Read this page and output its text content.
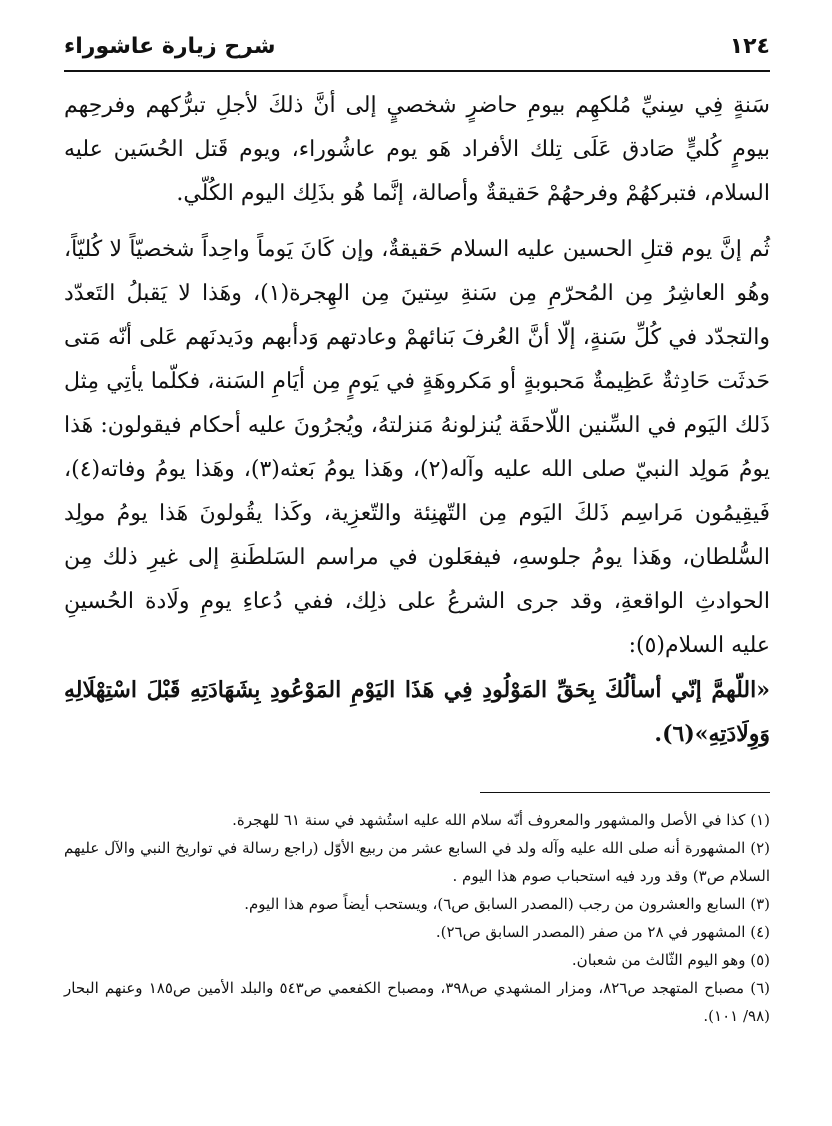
١٢٤
شرح زيارة عاشوراء

سَنةٍ فِي سِنيِّ مُلكهِم بيومِ حاضرٍ شخصيٍ إلى أنَّ ذلكَ لأجلِ تبرُّكهم وفرحِهم بيومٍ كُليٍّ صَادق عَلَى تِلك الأفراد هَو يوم عاشُوراء، ويوم قَتل الحُسَين عليه السلام، فتبركهُمْ وفرحهُمْ حَقيقةٌ وأصالة، إنَّما هُو بذَلِك اليوم الكُلّي.

ثُم إنَّ يوم قتلِ الحسين عليه السلام حَقيقةٌ، وإن كَانَ يَوماً واحِداً شخصيّاً لا كُليّاً، وهُو العاشِرُ مِن المُحرّمِ مِن سَنةِ سِتينَ مِن الهِجرة(١)، وهَذا لا يَقبلُ التَعدّد والتجدّد في كُلِّ سَنةٍ، إلّا أنَّ العُرفَ بَنائهمْ وعادتهم وَدأبهم ودَيدنَهم عَلى أنّه مَتى حَدثَت حَادِثةٌ عَظِيمةٌ مَحبوبةٍ أو مَكروهَةٍ في يَومٍ مِن أيَامِ السَنة، فكلّما يأتِي مِثل ذَلك اليَوم في السِّنين اللّاحقَة يُنزلونهُ مَنزلتهُ، ويُجرُونَ عليه أحكام فيقولون: هَذا يومُ مَولِد النبيّ صلى الله عليه وآله(٢)، وهَذا يومُ بَعثه(٣)، وهَذا يومُ وفاته(٤)، فَيقِيمُون مَراسِم ذَلكَ اليَوم مِن التّهنِئة والتّعزِية، وكَذا يقُولونَ هَذا يومُ مولِد السُّلطان، وهَذا يومُ جلوسهِ، فيفعَلون في مراسم السَلطَنةِ إلى غيرِ ذلك مِن الحوادثِ الواقعةِ، وقد جرى الشرعُ على ذلِك، ففي دُعاءِ يومِ ولَادة الحُسينِ عليه السلام(٥):

«اللّهمَّ إنّي أسألُكَ بِحَقِّ المَوْلُودِ فِي هَذَا اليَوْمِ المَوْعُودِ بِشَهَادَتِهِ قَبْلَ اسْتِهْلَالِهِ وَوِلَادَتِهِ»(٦).

(١) كذا في الأصل والمشهور والمعروف أنّه سلام الله عليه استُشهد في سنة ٦١ للهجرة.

(٢) المشهورة أنه صلى الله عليه وآله ولد في السابع عشر من ربيع الأوّل (راجع رسالة في تواريخ النبي والآل عليهم السلام ص٣) وقد ورد فيه استحباب صوم هذا اليوم .

(٣) السابع والعشرون من رجب (المصدر السابق ص٦)، ويستحب أيضاً صوم هذا اليوم.

(٤) المشهور في ٢٨ من صفر (المصدر السابق ص٢٦).

(٥) وهو اليوم الثّالث من شعبان.

(٦) مصباح المتهجد ص٨٢٦، ومزار المشهدي ص٣٩٨، ومصباح الكفعمي ص٥٤٣ والبلد الأمين ص١٨٥ وعنهم البحار (٩٨/ ١٠١).
